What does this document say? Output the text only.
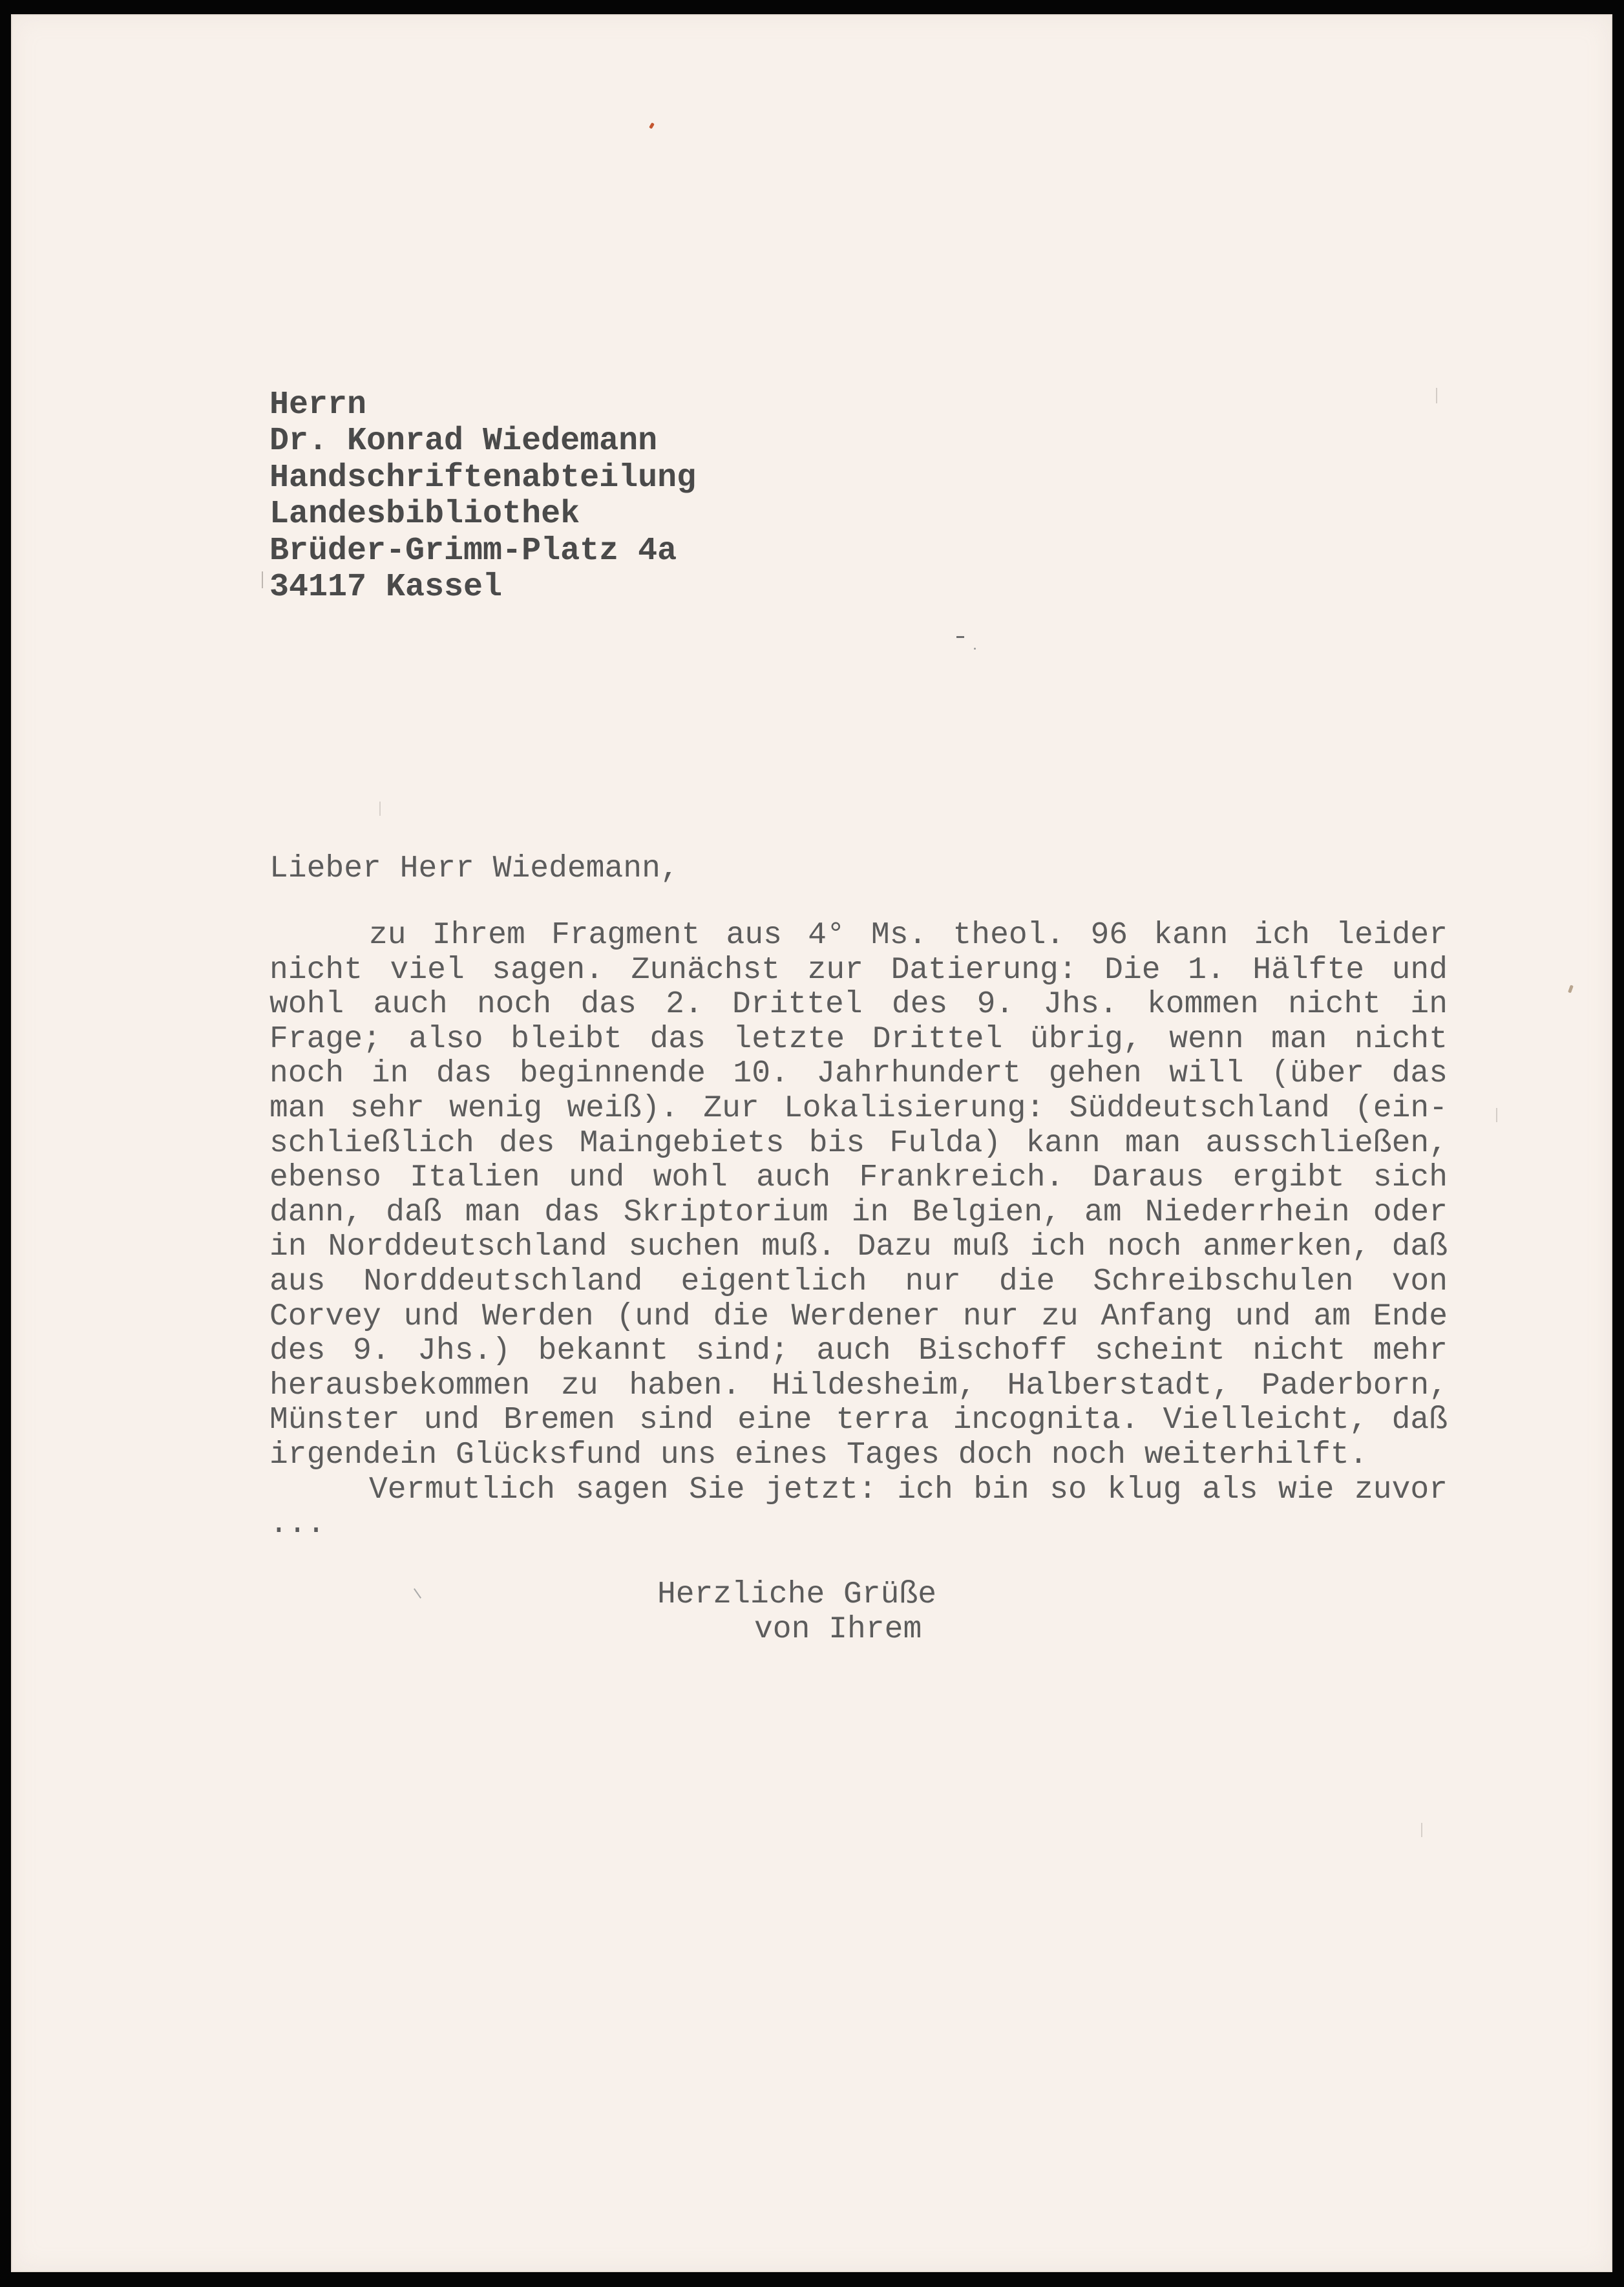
Herrn
Dr. Konrad Wiedemann
Handschriftenabteilung
Landesbibliothek
Brüder-Grimm-Platz 4a
34117 Kassel
Lieber Herr Wiedemann,
zu Ihrem Fragment aus 4° Ms. theol. 96 kann ich leider
nicht viel sagen. Zunächst zur Datierung: Die 1. Hälfte und
wohl auch noch das 2. Drittel des 9. Jhs. kommen nicht in
Frage; also bleibt das letzte Drittel übrig, wenn man nicht
noch in das beginnende 10. Jahrhundert gehen will (über das
man sehr wenig weiß). Zur Lokalisierung: Süddeutschland (ein-
schließlich des Maingebiets bis Fulda) kann man ausschließen,
ebenso Italien und wohl auch Frankreich. Daraus ergibt sich
dann, daß man das Skriptorium in Belgien, am Niederrhein oder
in Norddeutschland suchen muß. Dazu muß ich noch anmerken, daß
aus Norddeutschland eigentlich nur die Schreibschulen von
Corvey und Werden (und die Werdener nur zu Anfang und am Ende
des 9. Jhs.) bekannt sind; auch Bischoff scheint nicht mehr
herausbekommen zu haben. Hildesheim, Halberstadt, Paderborn,
Münster und Bremen sind eine terra incognita. Vielleicht, daß
irgendein Glücksfund uns eines Tages doch noch weiterhilft.
Vermutlich sagen Sie jetzt: ich bin so klug als wie zuvor
...
Herzliche Grüße
von Ihrem
